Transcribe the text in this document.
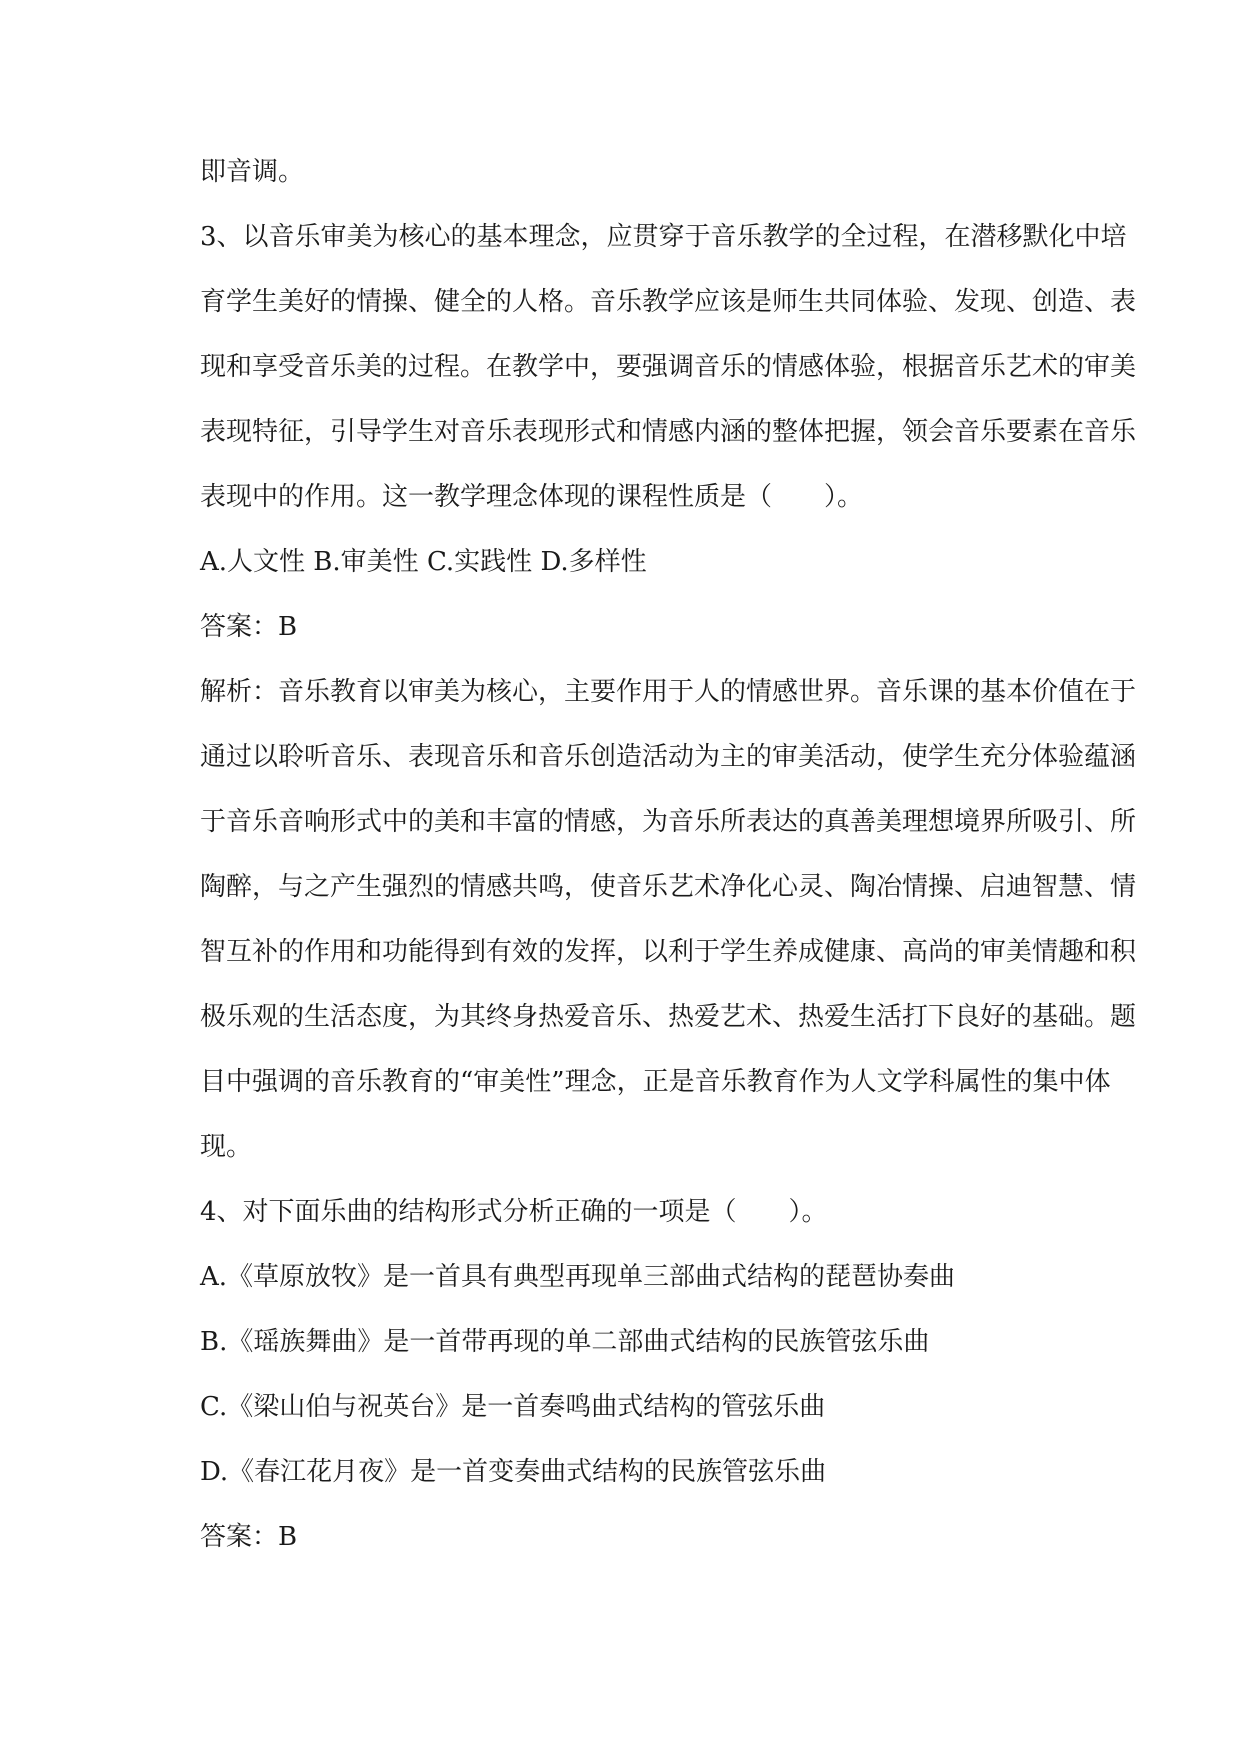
即音调。
3、以音乐审美为核心的基本理念，应贯穿于音乐教学的全过程，在潜移默化中培
育学生美好的情操、健全的人格。音乐教学应该是师生共同体验、发现、创造、表
现和享受音乐美的过程。在教学中，要强调音乐的情感体验，根据音乐艺术的审美
表现特征，引导学生对音乐表现形式和情感内涵的整体把握，领会音乐要素在音乐
表现中的作用。这一教学理念体现的课程性质是（　　）。
A.人文性 B.审美性 C.实践性 D.多样性
答案：B
解析：音乐教育以审美为核心，主要作用于人的情感世界。音乐课的基本价值在于
通过以聆听音乐、表现音乐和音乐创造活动为主的审美活动，使学生充分体验蕴涵
于音乐音响形式中的美和丰富的情感，为音乐所表达的真善美理想境界所吸引、所
陶醉，与之产生强烈的情感共鸣，使音乐艺术净化心灵、陶冶情操、启迪智慧、情
智互补的作用和功能得到有效的发挥，以利于学生养成健康、高尚的审美情趣和积
极乐观的生活态度，为其终身热爱音乐、热爱艺术、热爱生活打下良好的基础。题
目中强调的音乐教育的“审美性”理念，正是音乐教育作为人文学科属性的集中体
现。
4、对下面乐曲的结构形式分析正确的一项是（　　）。
A.《草原放牧》是一首具有典型再现单三部曲式结构的琵琶协奏曲
B.《瑶族舞曲》是一首带再现的单二部曲式结构的民族管弦乐曲
C.《梁山伯与祝英台》是一首奏鸣曲式结构的管弦乐曲
D.《春江花月夜》是一首变奏曲式结构的民族管弦乐曲
答案：B
